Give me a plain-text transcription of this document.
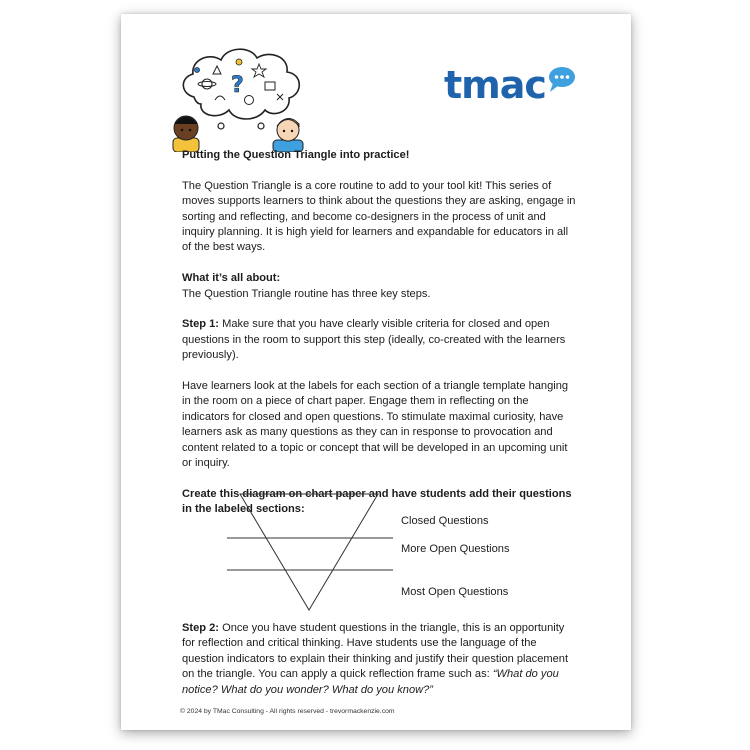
?	tmac

Putting the Question Triangle into practice!

The Question Triangle is a core routine to add to your tool kit! This series of moves supports learners to think about the questions they are asking, engage in sorting and reflecting, and become co-designers in the process of unit and inquiry planning. It is high yield for learners and expandable for educators in all of the best ways.

What it’s all about:
The Question Triangle routine has three key steps.

Step 1: Make sure that you have clearly visible criteria for closed and open questions in the room to support this step (ideally, co-created with the learners previously).

Have learners look at the labels for each section of a triangle template hanging in the room on a piece of chart paper. Engage them in reflecting on the indicators for closed and open questions. To stimulate maximal curiosity, have learners ask as many questions as they can in response to provocation and content related to a topic or concept that will be developed in an upcoming unit or inquiry.

Create this diagram on chart paper and have students add their questions in the labeled sections:

Closed Questions
More Open Questions
Most Open Questions

Step 2: Once you have student questions in the triangle, this is an opportunity for reflection and critical thinking. Have students use the language of the question indicators to explain their thinking and justify their question placement on the triangle. You can apply a quick reflection frame such as: “What do you notice? What do you wonder? What do you know?”

© 2024 by TMac Consulting - All rights reserved - trevormackenzie.com
